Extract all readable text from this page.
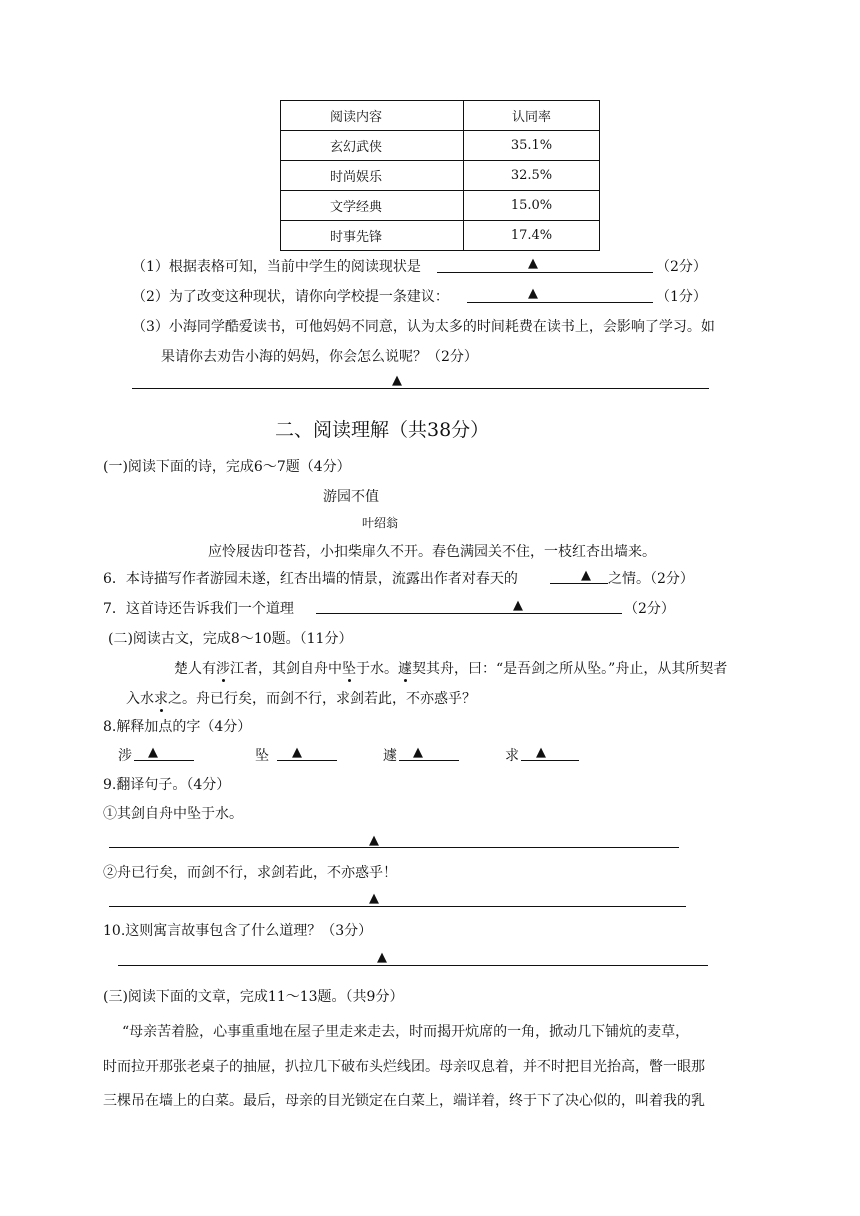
阅读内容	认同率
玄幻武侠	35.1%
时尚娱乐	32.5%
文学经典	15.0%
时事先锋	17.4%
（1）根据表格可知，当前中学生的阅读现状是	▲	（2分）
（2）为了改变这种现状，请你向学校提一条建议：	▲	（1分）
（3）小海同学酷爱读书，可他妈妈不同意，认为太多的时间耗费在读书上，会影响了学习。如
果请你去劝告小海的妈妈，你会怎么说呢？（2分）
▲
二、阅读理解（共38分）
(一)阅读下面的诗，完成6～7题（4分）
游园不值
叶绍翁
应怜屐齿印苍苔，小扣柴扉久不开。春色满园关不住，一枝红杏出墙来。
6．本诗描写作者游园未遂，红杏出墙的情景，流露出作者对春天的	▲ 之情。（2分）
7．这首诗还告诉我们一个道理	▲	（2分）
(二)阅读古文，完成8～10题。（11分）
楚人有涉江者，其剑自舟中坠于水。遽契其舟，曰：“是吾剑之所从坠。”舟止，从其所契者
入水求之。舟已行矣，而剑不行，求剑若此，不亦惑乎？
8.解释加点的字（4分）
涉 ▲	坠 ▲	遽 ▲	求 ▲
9.翻译句子。（4分）
①其剑自舟中坠于水。
▲
②舟已行矣，而剑不行，求剑若此，不亦惑乎！
▲
10.这则寓言故事包含了什么道理？（3分）
▲
(三)阅读下面的文章，完成11～13题。（共9分）
“母亲苦着脸，心事重重地在屋子里走来走去，时而揭开炕席的一角，掀动几下铺炕的麦草，
时而拉开那张老桌子的抽屉，扒拉几下破布头烂线团。母亲叹息着，并不时把目光抬高，瞥一眼那
三棵吊在墙上的白菜。最后，母亲的目光锁定在白菜上，端详着，终于下了决心似的，叫着我的乳
